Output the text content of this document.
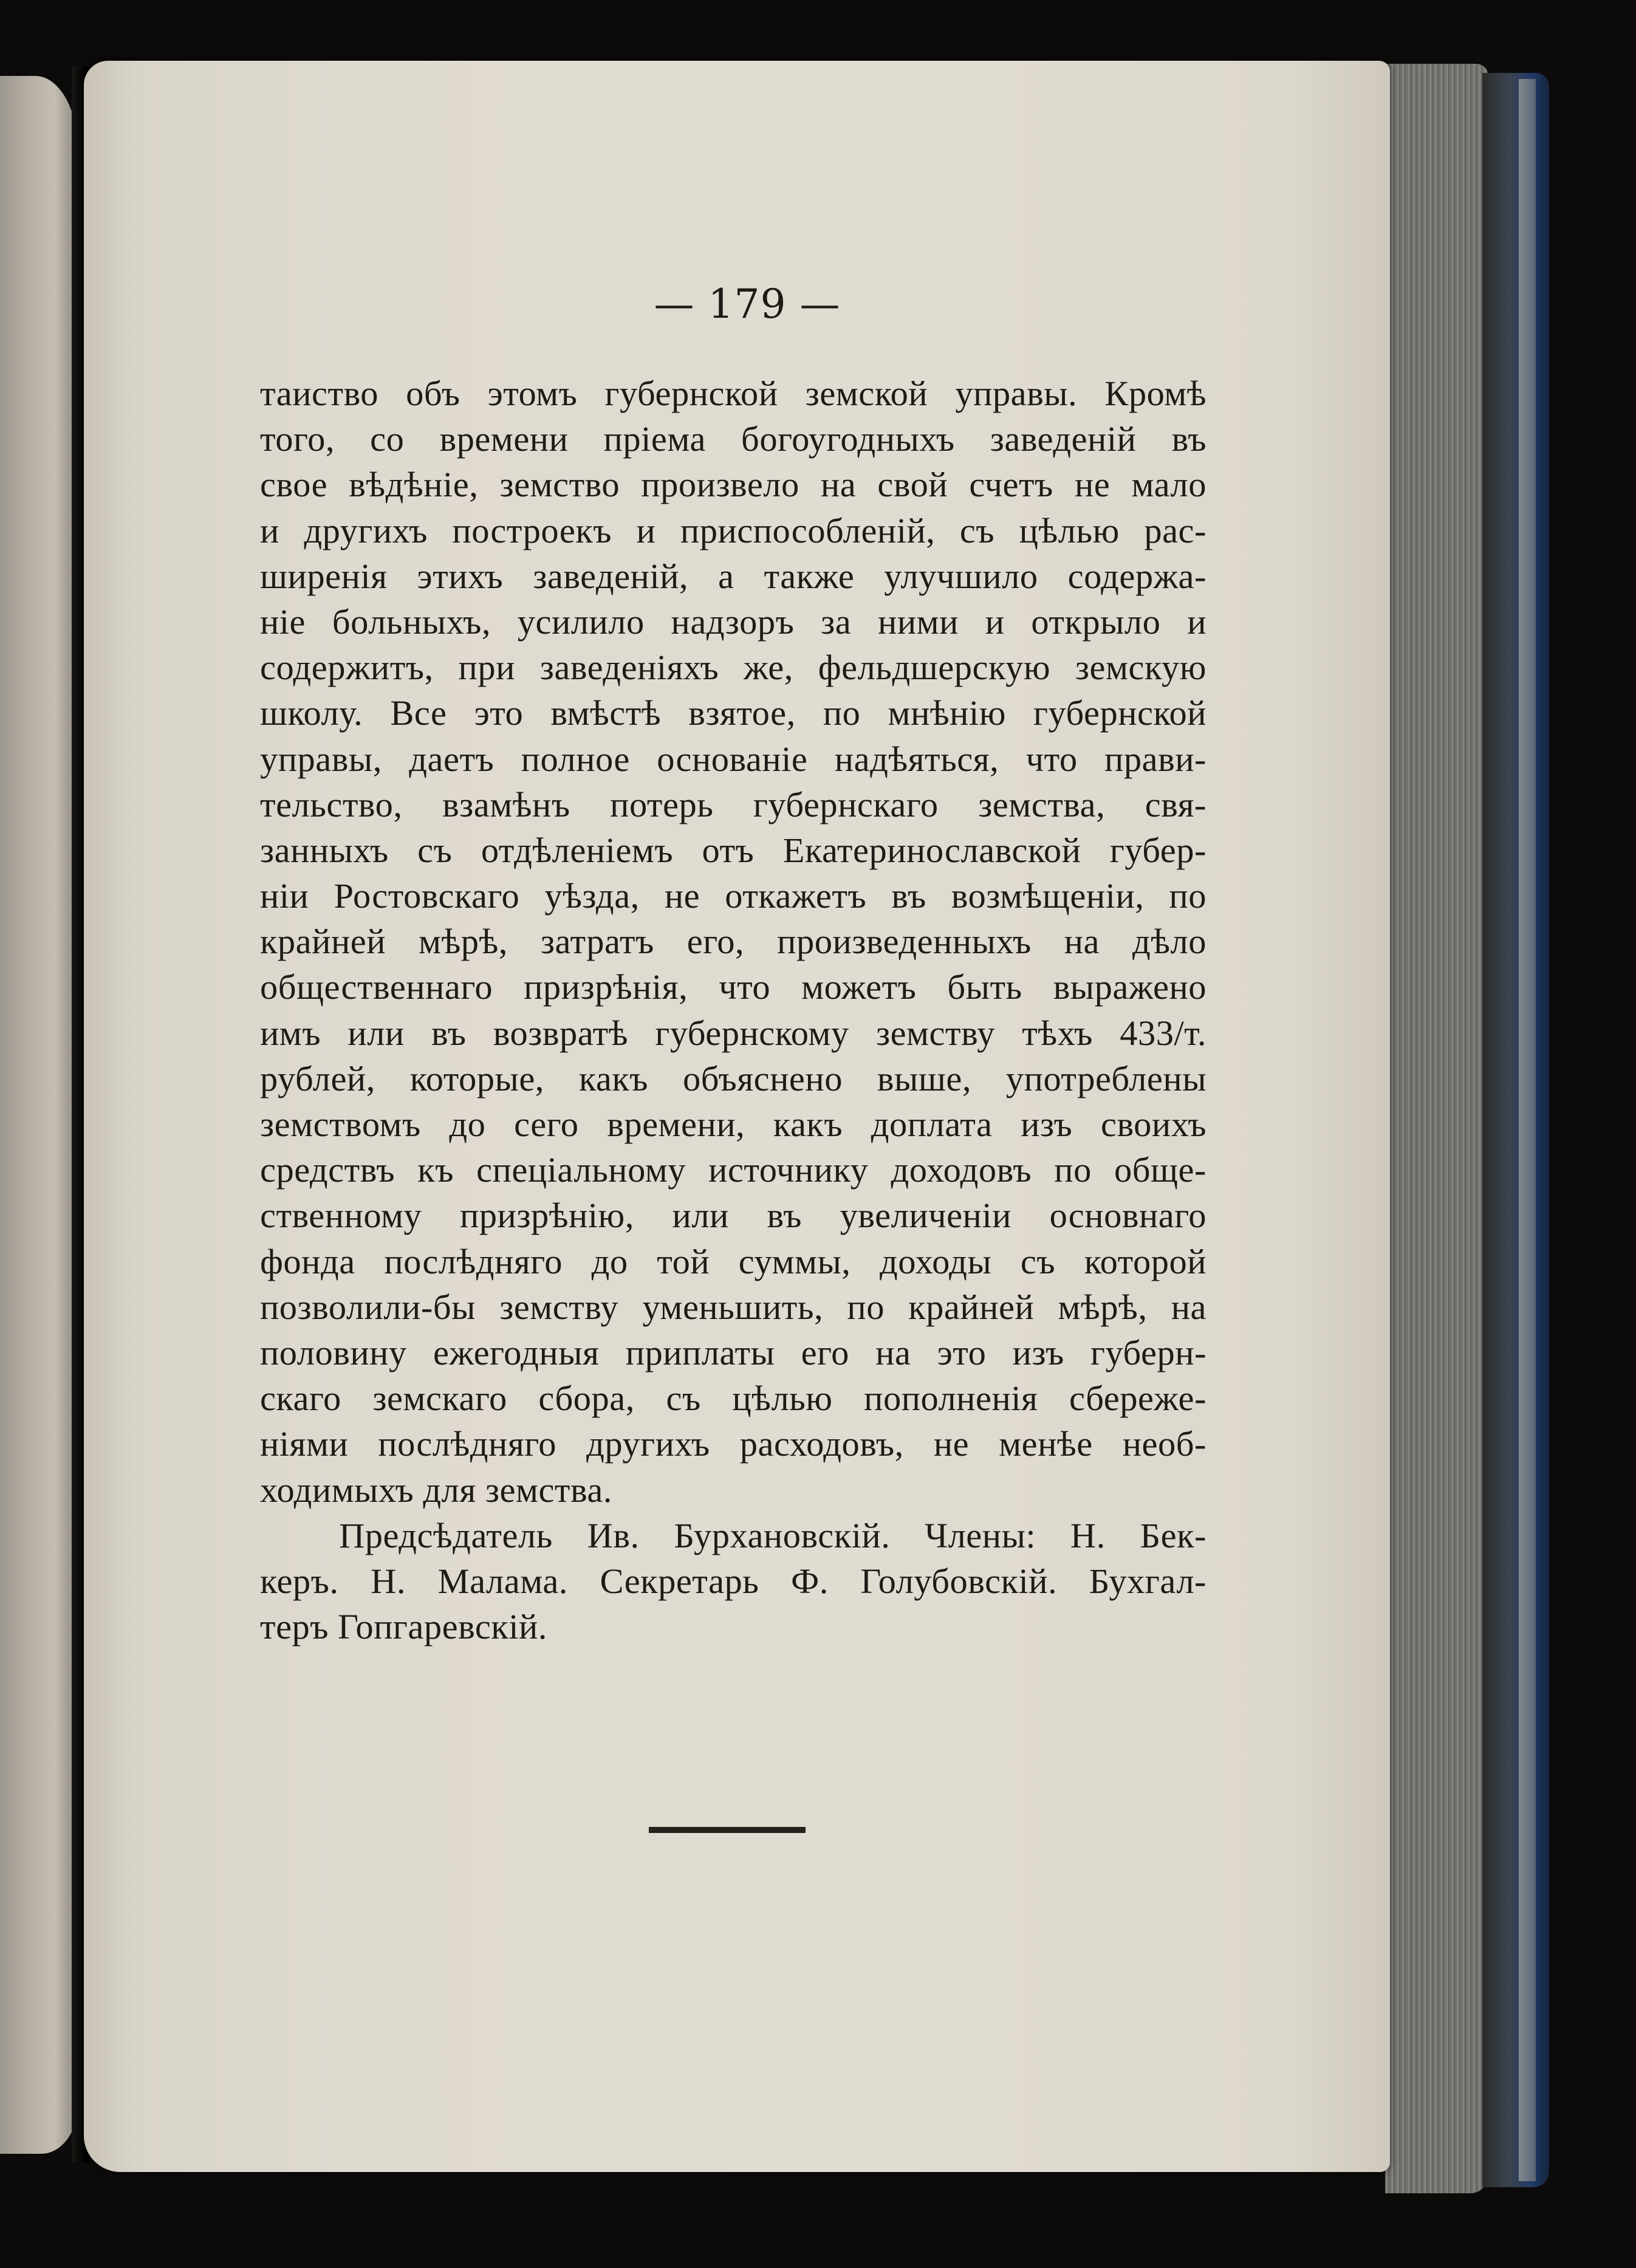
— 179 —
таиство объ этомъ губернской земской управы. Кромѣ
того, со времени пріема богоугодныхъ заведеній въ
свое вѣдѣніе, земство произвело на свой счетъ не мало
и другихъ построекъ и приспособленій, съ цѣлью рас-
ширенія этихъ заведеній, а также улучшило содержа-
ніе больныхъ, усилило надзоръ за ними и открыло и
содержитъ, при заведеніяхъ же, фельдшерскую земскую
школу. Все это вмѣстѣ взятое, по мнѣнію губернской
управы, даетъ полное основаніе надѣяться, что прави-
тельство, взамѣнъ потерь губернскаго земства, свя-
занныхъ съ отдѣленіемъ отъ Екатеринославской губер-
ніи Ростовскаго уѣзда, не откажетъ въ возмѣщеніи, по
крайней мѣрѣ, затратъ его, произведенныхъ на дѣло
общественнаго призрѣнія, что можетъ быть выражено
имъ или въ возвратѣ губернскому земству тѣхъ 433/т.
рублей, которые, какъ объяснено выше, употреблены
земствомъ до сего времени, какъ доплата изъ своихъ
средствъ къ спеціальному источнику доходовъ по обще-
ственному призрѣнію, или въ увеличеніи основнаго
фонда послѣдняго до той суммы, доходы съ которой
позволили-бы земству уменьшить, по крайней мѣрѣ, на
половину ежегодныя приплаты его на это изъ губерн-
скаго земскаго сбора, съ цѣлью пополненія сбереже-
ніями послѣдняго другихъ расходовъ, не менѣе необ-
ходимыхъ для земства.
Предсѣдатель Ив. Бурхановскій. Члены: Н. Бек-
керъ. Н. Малама. Секретарь Ф. Голубовскій. Бухгал-
теръ Гопгаревскій.
